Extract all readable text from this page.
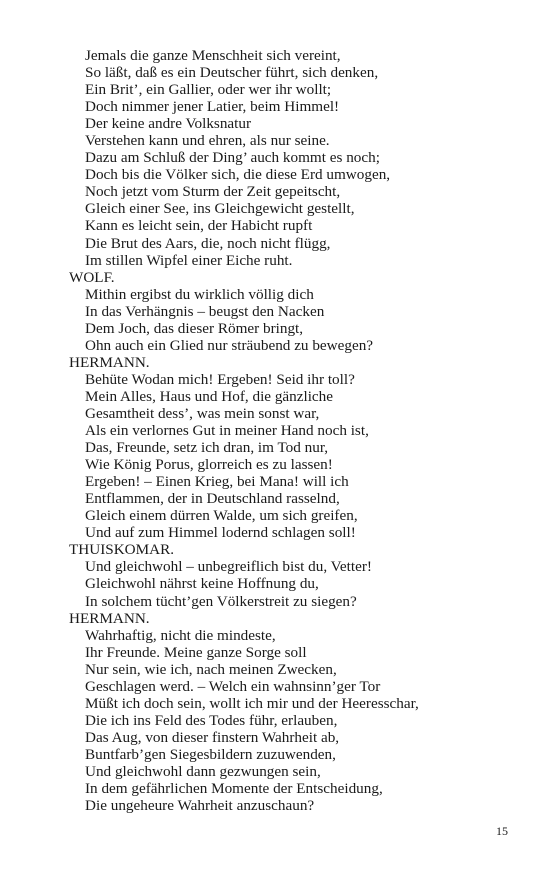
Jemals die ganze Menschheit sich vereint,
So läßt, daß es ein Deutscher führt, sich denken,
Ein Brit’, ein Gallier, oder wer ihr wollt;
Doch nimmer jener Latier, beim Himmel!
Der keine andre Volksnatur
Verstehen kann und ehren, als nur seine.
Dazu am Schluß der Ding’ auch kommt es noch;
Doch bis die Völker sich, die diese Erd umwogen,
Noch jetzt vom Sturm der Zeit gepeitscht,
Gleich einer See, ins Gleichgewicht gestellt,
Kann es leicht sein, der Habicht rupft
Die Brut des Aars, die, noch nicht flügg,
Im stillen Wipfel einer Eiche ruht.
WOLF.
Mithin ergibst du wirklich völlig dich
In das Verhängnis – beugst den Nacken
Dem Joch, das dieser Römer bringt,
Ohn auch ein Glied nur sträubend zu bewegen?
HERMANN.
Behüte Wodan mich! Ergeben! Seid ihr toll?
Mein Alles, Haus und Hof, die gänzliche
Gesamtheit dess’, was mein sonst war,
Als ein verlornes Gut in meiner Hand noch ist,
Das, Freunde, setz ich dran, im Tod nur,
Wie König Porus, glorreich es zu lassen!
Ergeben! – Einen Krieg, bei Mana! will ich
Entflammen, der in Deutschland rasselnd,
Gleich einem dürren Walde, um sich greifen,
Und auf zum Himmel lodernd schlagen soll!
THUISKOMAR.
Und gleichwohl – unbegreiflich bist du, Vetter!
Gleichwohl nährst keine Hoffnung du,
In solchem tücht’gen Völkerstreit zu siegen?
HERMANN.
Wahrhaftig, nicht die mindeste,
Ihr Freunde. Meine ganze Sorge soll
Nur sein, wie ich, nach meinen Zwecken,
Geschlagen werd. – Welch ein wahnsinn’ger Tor
Müßt ich doch sein, wollt ich mir und der Heeresschar,
Die ich ins Feld des Todes führ, erlauben,
Das Aug, von dieser finstern Wahrheit ab,
Buntfarb’gen Siegesbildern zuzuwenden,
Und gleichwohl dann gezwungen sein,
In dem gefährlichen Momente der Entscheidung,
Die ungeheure Wahrheit anzuschaun?
15
